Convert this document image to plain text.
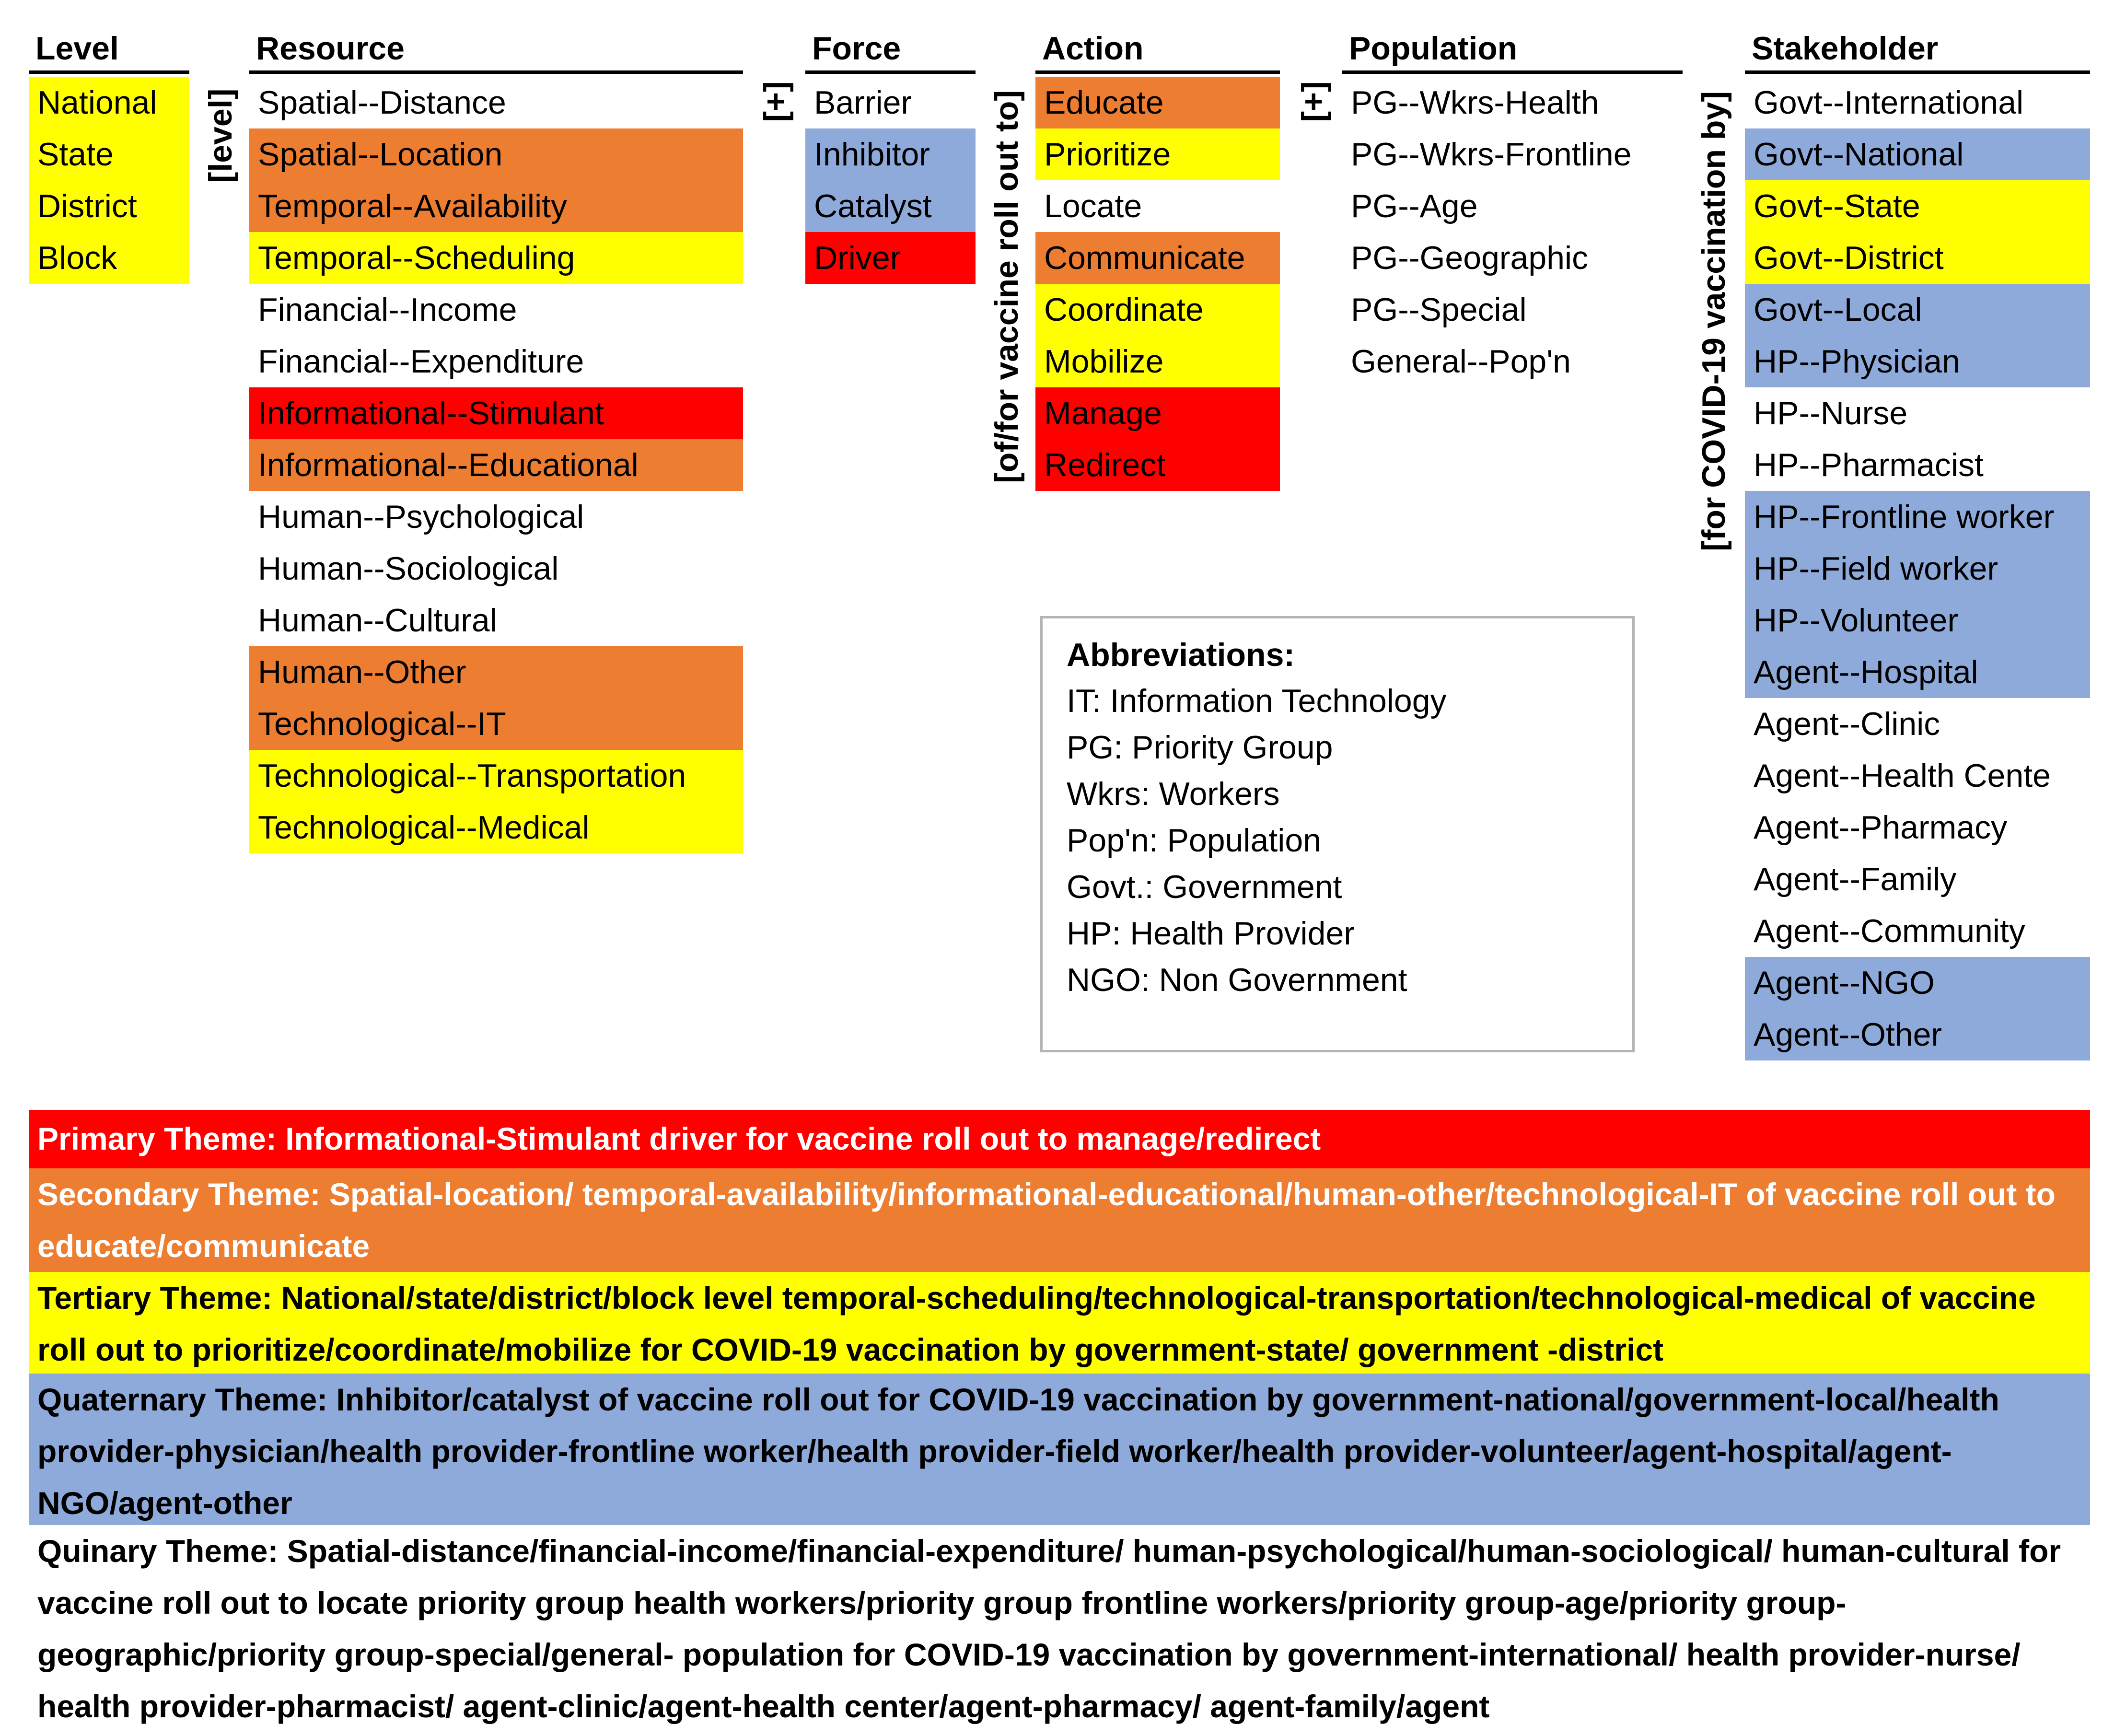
Level
National
State
District
Block
[level]
Resource
Spatial--Distance
Spatial--Location
Temporal--Availability
Temporal--Scheduling
Financial--Income
Financial--Expenditure
Informational--Stimulant
Informational--Educational
Human--Psychological
Human--Sociological
Human--Cultural
Human--Other
Technological--IT
Technological--Transportation
Technological--Medical
[+]
Force
Barrier
Inhibitor
Catalyst
Driver	[of/for vaccine roll out to]
Action
Educate
Prioritize
Locate
Communicate
Coordinate
Mobilize
Manage
Redirect
[+]
Population
PG--Wkrs-Health
PG--Wkrs-Frontline
PG--Age
PG--Geographic
PG--Special
General--Pop'n	[for COVID-19 vaccination by]
Stakeholder
Govt--International
Govt--National
Govt--State
Govt--District
Govt--Local
HP--Physician
HP--Nurse
HP--Pharmacist
HP--Frontline worker
HP--Field worker
HP--Volunteer
Agent--Hospital
Agent--Clinic
Agent--Health Cente
Agent--Pharmacy
Agent--Family
Agent--Community
Agent--NGO
Agent--Other
Abbreviations:
IT: Information Technology
PG: Priority Group
Wkrs: Workers
Pop'n: Population
Govt.: Government
HP: Health Provider
NGO: Non Government
Primary Theme: Informational-Stimulant driver for vaccine roll out to manage/redirect
Secondary Theme: Spatial-location/ temporal-availability/informational-educational/human-other/technological-IT of vaccine roll out to educate/communicate
Tertiary Theme: National/state/district/block level temporal-scheduling/technological-transportation/technological-medical of vaccine roll out to prioritize/coordinate/mobilize for COVID-19 vaccination by government-state/ government -district
Quaternary Theme: Inhibitor/catalyst of vaccine roll out for COVID-19 vaccination by government-national/government-local/health provider-physician/health provider-frontline worker/health provider-field worker/health provider-volunteer/agent-hospital/agent-NGO/agent-other
Quinary Theme: Spatial-distance/financial-income/financial-expenditure/ human-psychological/human-sociological/ human-cultural for vaccine roll out to locate priority group health workers/priority group frontline workers/priority group-age/priority group-geographic/priority group-special/general- population for COVID-19 vaccination by government-international/ health provider-nurse/ health provider-pharmacist/ agent-clinic/agent-health center/agent-pharmacy/ agent-family/agent
